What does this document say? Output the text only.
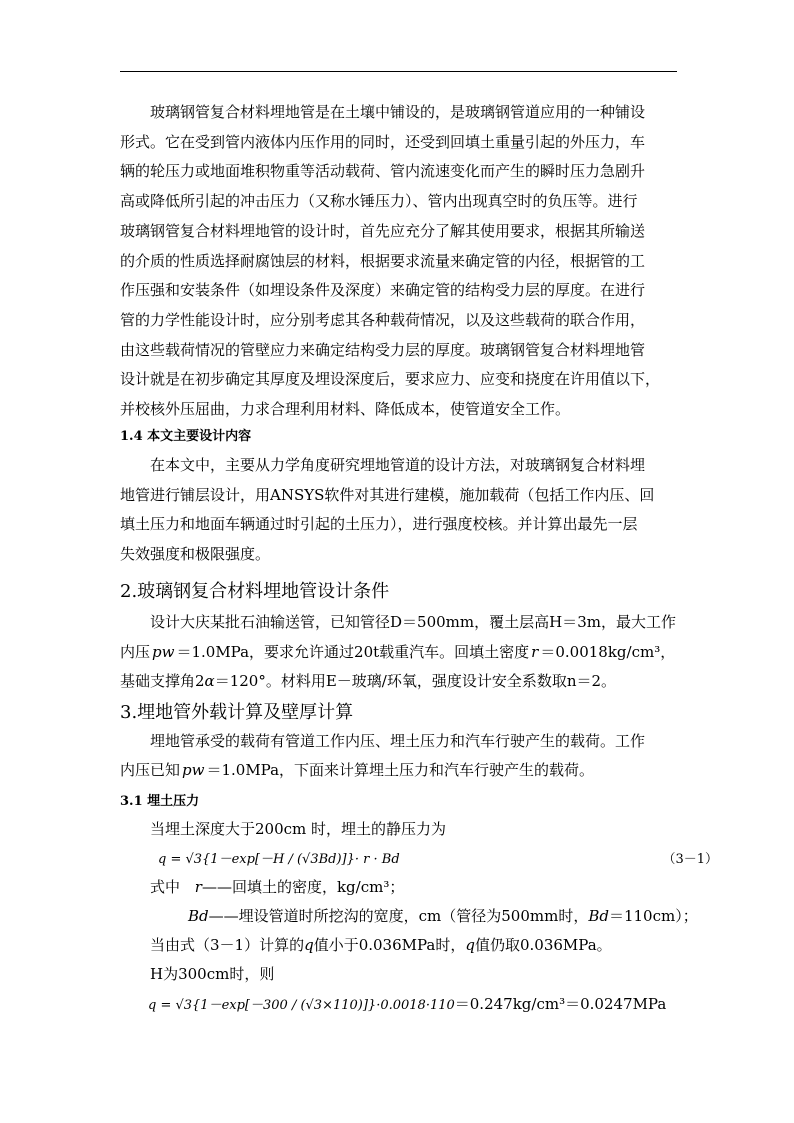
玻璃钢管复合材料埋地管是在土壤中铺设的，是玻璃钢管道应用的一种铺设

形式。它在受到管内液体内压作用的同时，还受到回填土重量引起的外压力，车

辆的轮压力或地面堆积物重等活动载荷、管内流速变化而产生的瞬时压力急剧升

高或降低所引起的冲击压力（又称水锤压力）、管内出现真空时的负压等。进行

玻璃钢管复合材料埋地管的设计时，首先应充分了解其使用要求，根据其所输送

的介质的性质选择耐腐蚀层的材料，根据要求流量来确定管的内径，根据管的工

作压强和安装条件（如埋设条件及深度）来确定管的结构受力层的厚度。在进行

管的力学性能设计时，应分别考虑其各种载荷情况，以及这些载荷的联合作用，

由这些载荷情况的管壁应力来确定结构受力层的厚度。玻璃钢管复合材料埋地管

设计就是在初步确定其厚度及埋设深度后，要求应力、应变和挠度在许用值以下，

并校核外压屈曲，力求合理利用材料、降低成本，使管道安全工作。

1.4 本文主要设计内容

在本文中，主要从力学角度研究埋地管道的设计方法，对玻璃钢复合材料埋

地管进行铺层设计，用ANSYS软件对其进行建模，施加载荷（包括工作内压、回

填土压力和地面车辆通过时引起的土压力），进行强度校核。并计算出最先一层

失效强度和极限强度。

2.玻璃钢复合材料埋地管设计条件
设计大庆某批石油输送管，已知管径D＝500mm，覆土层高H＝3m，最大工作
内压 pw ＝1.0MPa，要求允许通过20t载重汽车。回填土密度 r ＝0.0018kg/cm³，
基础支撑角2α＝120°。材料用E－玻璃/环氧，强度设计安全系数取n＝2。
3.埋地管外载计算及壁厚计算
埋地管承受的载荷有管道工作内压、埋土压力和汽车行驶产生的载荷。工作
内压已知 pw ＝1.0MPa，下面来计算埋土压力和汽车行驶产生的载荷。
3.1 埋土压力
当埋土深度大于200cm 时，埋土的静压力为
q = √3{1－exp[－H / (√3Bd)]}· r · Bd	（3－1）
式中 r——回填土的密度，kg/cm³；
Bd——埋设管道时所挖沟的宽度，cm（管径为500mm时，Bd＝110cm）；
当由式（3－1）计算的q值小于0.036MPa时，q值仍取0.036MPa。
H为300cm时，则
q = √3{1－exp[－300 / (√3×110)]}·0.0018·110＝0.247kg/cm³＝0.0247MPa
